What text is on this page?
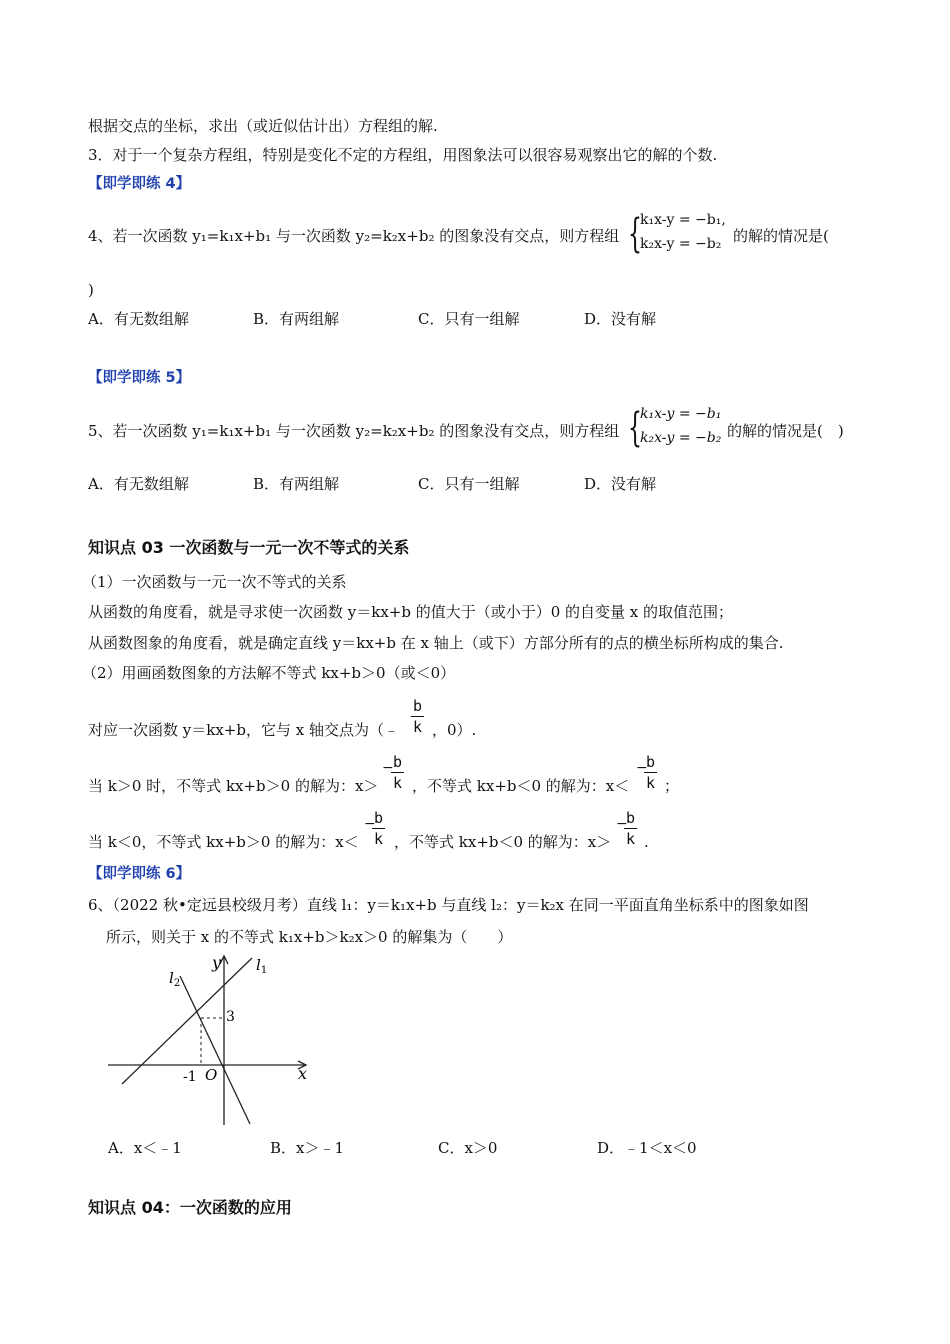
根据交点的坐标，求出（或近似估计出）方程组的解.
3．对于一个复杂方程组，特别是变化不定的方程组，用图象法可以很容易观察出它的解的个数.
【即学即练 4】
4、若一次函数 y₁=k₁x+b₁ 与一次函数 y₂=k₂x+b₂ 的图象没有交点，则方程组 {
k₁x-y = −b₁,
k₂x-y = −b₂ 的解的情况是(
)
A．有无数组解	B．有两组解	C．只有一组解	D．没有解
【即学即练 5】
5、若一次函数 y₁=k₁x+b₁ 与一次函数 y₂=k₂x+b₂ 的图象没有交点，则方程组 {
k₁x-y = −b₁
k₂x-y = −b₂ 的解的情况是(　)
A．有无数组解	B．有两组解	C．只有一组解	D．没有解
知识点 03 一次函数与一元一次不等式的关系
（1）一次函数与一元一次不等式的关系
从函数的角度看，就是寻求使一次函数 y＝kx+b 的值大于（或小于）0 的自变量 x 的取值范围；
从函数图象的角度看，就是确定直线 y＝kx+b 在 x 轴上（或下）方部分所有的点的横坐标所构成的集合.
（2）用画函数图象的方法解不等式 kx+b＞0（或＜0）
对应一次函数 y＝kx+b，它与 x 轴交点为（﹣ $\frac{b}{k}$ ，0）.
当 k＞0 时，不等式 kx+b＞0 的解为：x＞
−
$\frac{b}{k}$ ，不等式 kx+b＜0 的解为：x＜
−
$\frac{b}{k}$ ；
当 k＜0，不等式 kx+b＞0 的解为：x＜
−
$\frac{b}{k}$ ，不等式 kx+b＜0 的解为：x＞
−
$\frac{b}{k}$ .
【即学即练 6】
6、（2022 秋•定远县校级月考）直线 l₁：y＝k₁x+b 与直线 l₂：y＝k₂x 在同一平面直角坐标系中的图象如图
所示，则关于 x 的不等式 k₁x+b＞k₂x＞0 的解集为（　　）
y
x
O
3
-1
$l_1$
$l_2$
A．x＜﹣1	B．x＞﹣1	C．x＞0	D．﹣1＜x＜0
知识点 04：一次函数的应用
